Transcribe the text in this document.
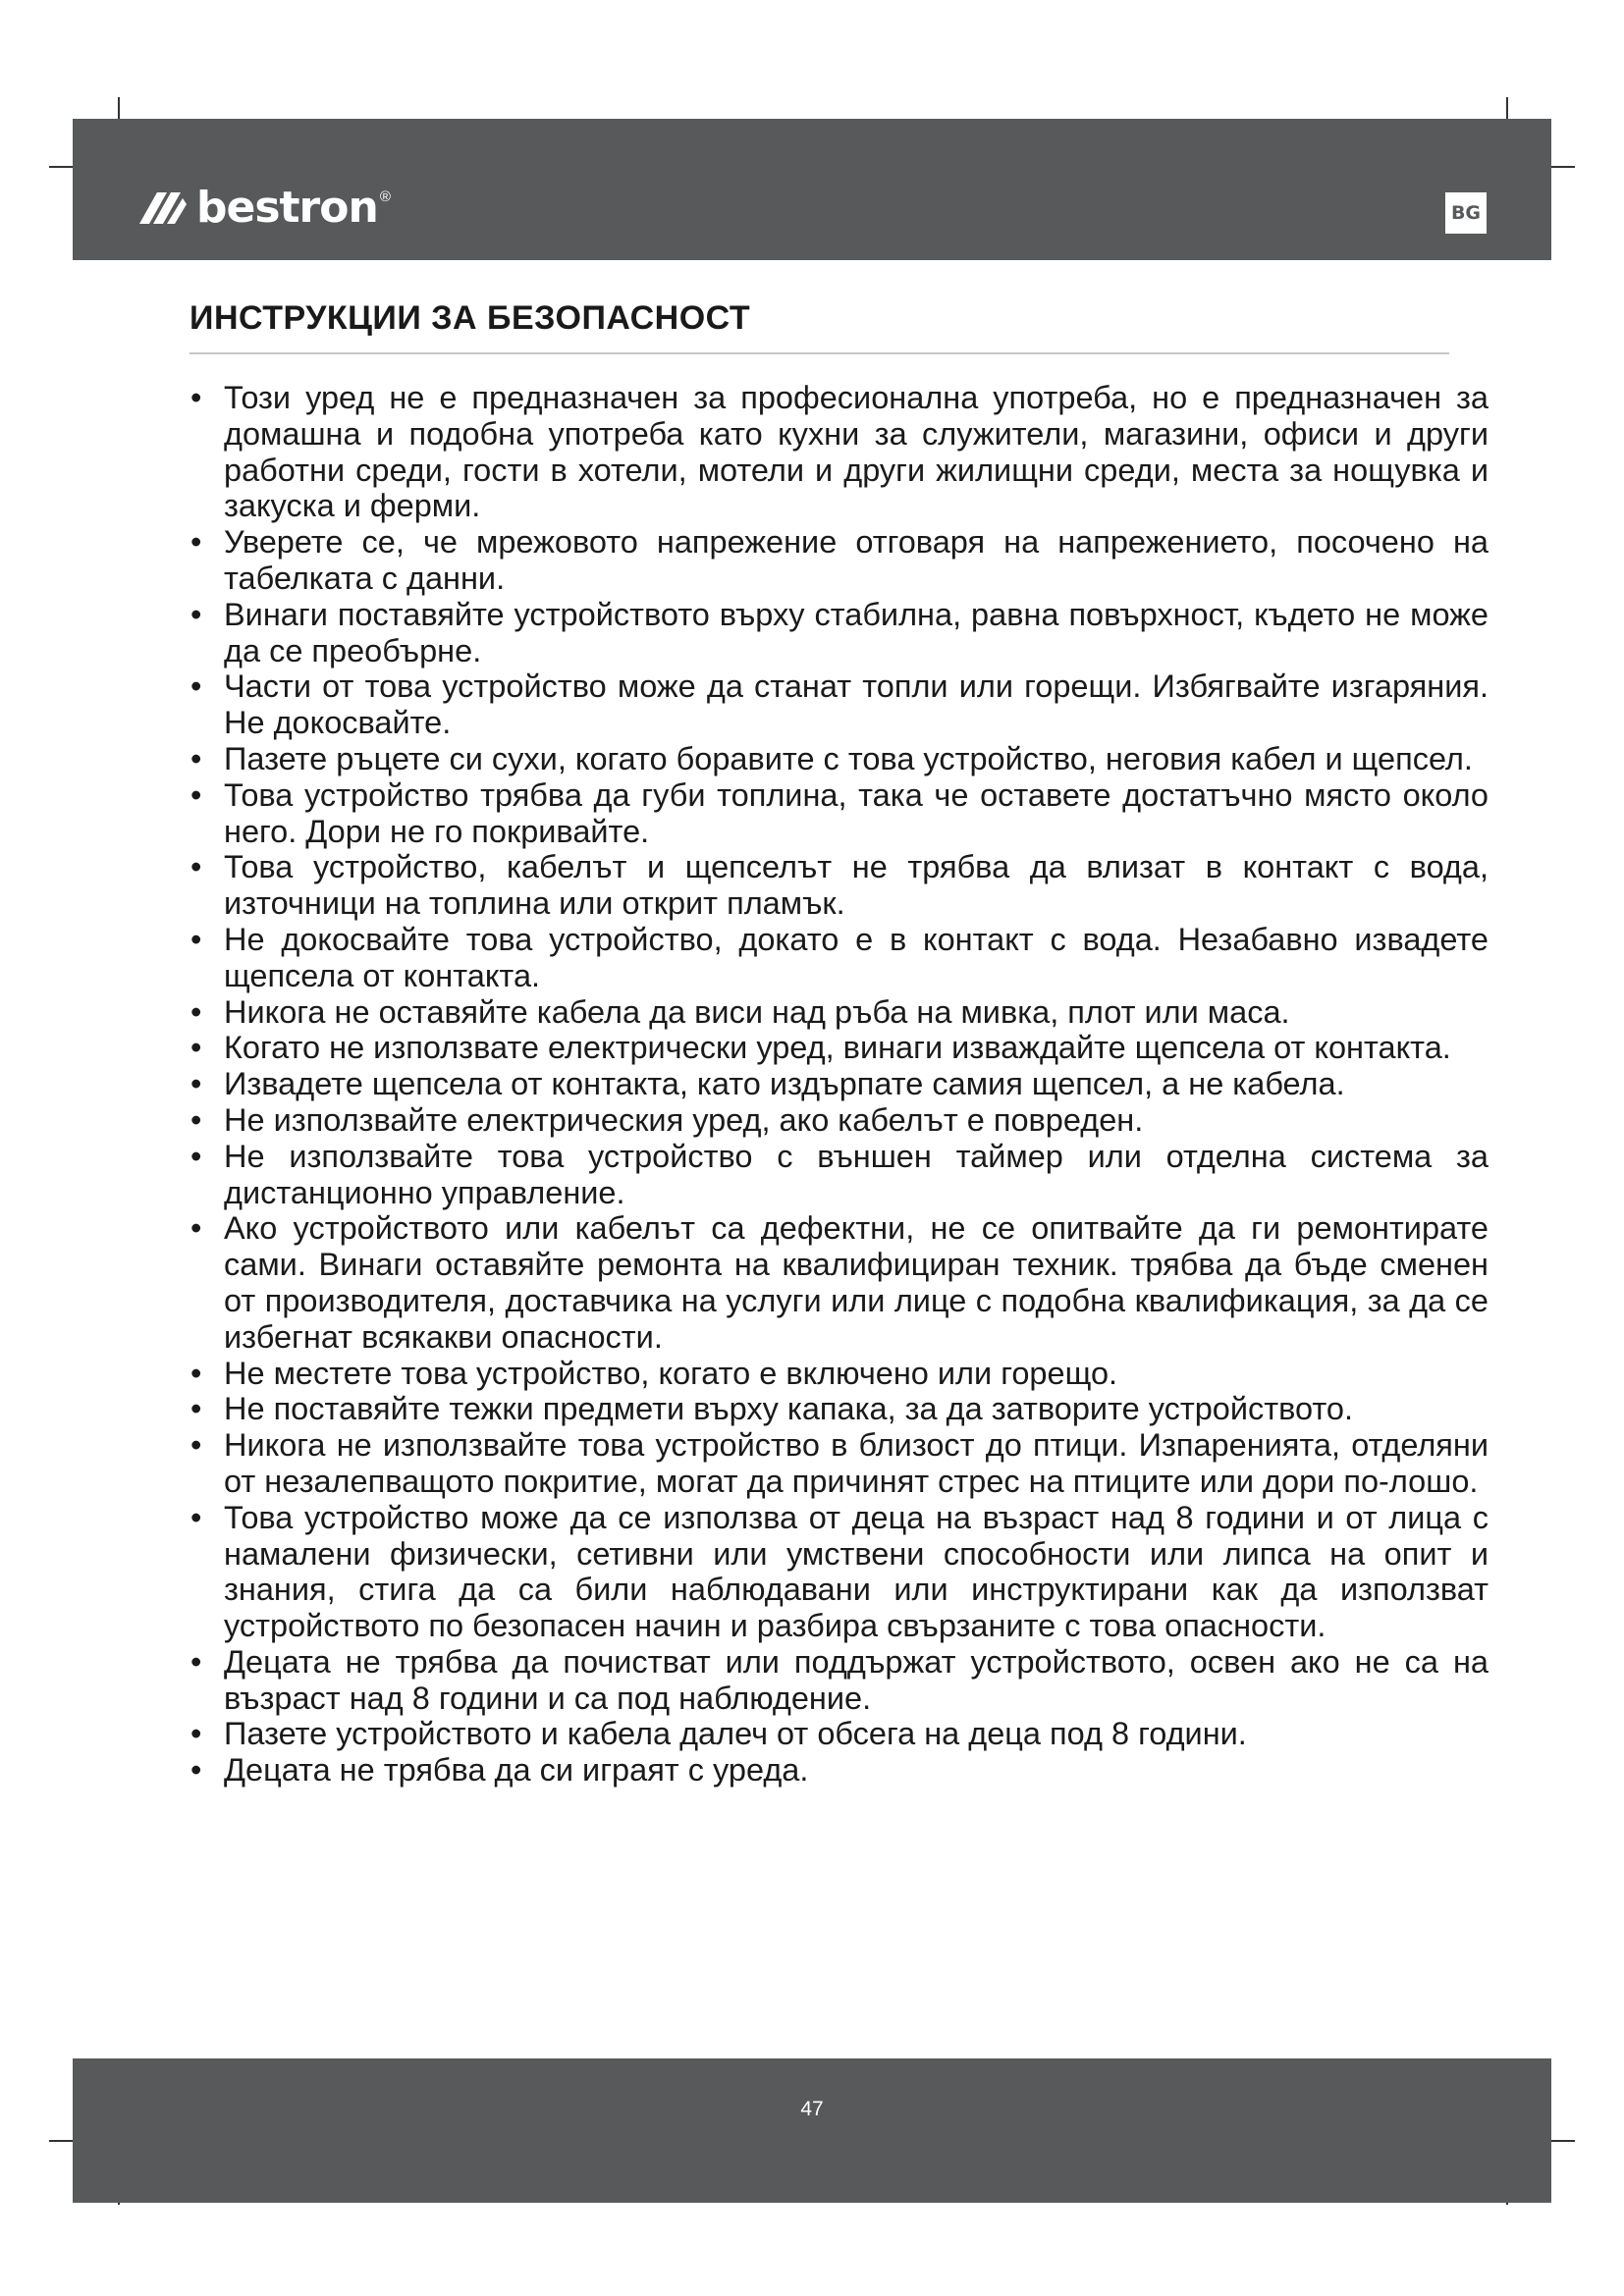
bestron ®
BG
ИНСТРУКЦИИ ЗА БЕЗОПАСНОСТ
• Този уред не е предназначен за професионална употреба, но е предназначен за домашна и подобна употреба като кухни за служители, магазини, офиси и други работни среди, гости в хотели, мотели и други жилищни среди, места за нощувка и закуска и ферми.
• Уверете се, че мрежовото напрежение отговаря на напрежението, посочено на табелката с данни.
• Винаги поставяйте устройството върху стабилна, равна повърхност, където не може да се преобърне.
• Части от това устройство може да станат топли или горещи. Избягвайте изгаряния. Не докосвайте.
• Пазете ръцете си сухи, когато боравите с това устройство, неговия кабел и щепсел.
• Това устройство трябва да губи топлина, така че оставете достатъчно място около него. Дори не го покривайте.
• Това устройство, кабелът и щепселът не трябва да влизат в контакт с вода, източници на топлина или открит пламък.
• Не докосвайте това устройство, докато е в контакт с вода. Незабавно извадете щепсела от контакта.
• Никога не оставяйте кабела да виси над ръба на мивка, плот или маса.
• Когато не използвате електрически уред, винаги изваждайте щепсела от контакта.
• Извадете щепсела от контакта, като издърпате самия щепсел, а не кабела.
• Не използвайте електрическия уред, ако кабелът е повреден.
• Не използвайте това устройство с външен таймер или отделна система за дистанционно управление.
• Ако устройството или кабелът са дефектни, не се опитвайте да ги ремонтирате сами. Винаги оставяйте ремонта на квалифициран техник. трябва да бъде сменен от производителя, доставчика на услуги или лице с подобна квалификация, за да се избегнат всякакви опасности.
• Не местете това устройство, когато е включено или горещо.
• Не поставяйте тежки предмети върху капака, за да затворите устройството.
• Никога не използвайте това устройство в близост до птици. Изпаренията, отделяни от незалепващото покритие, могат да причинят стрес на птиците или дори по-лошо.
• Това устройство може да се използва от деца на възраст над 8 години и от лица с намалени физически, сетивни или умствени способности или липса на опит и знания, стига да са били наблюдавани или инструктирани как да използват устройството по безопасен начин и разбира свързаните с това опасности.
• Децата не трябва да почистват или поддържат устройството, освен ако не са на възраст над 8 години и са под наблюдение.
• Пазете устройството и кабела далеч от обсега на деца под 8 години.
• Децата не трябва да си играят с уреда.
47
